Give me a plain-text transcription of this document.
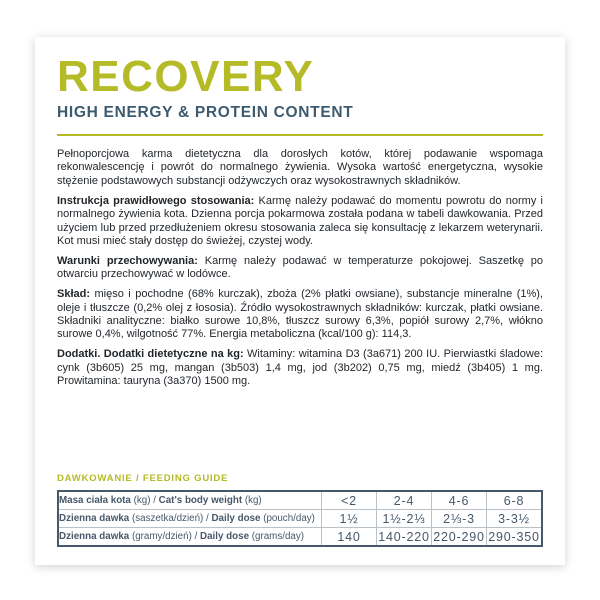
RECOVERY
HIGH ENERGY & PROTEIN CONTENT

Pełnoporcjowa karma dietetyczna dla dorosłych kotów, której podawanie wspomaga rekonwalescencję i powrót do normalnego żywienia. Wysoka wartość energetyczna, wysokie stężenie podstawowych substancji odżywczych oraz wysokostrawnych składników.

Instrukcja prawidłowego stosowania: Karmę należy podawać do momentu powrotu do normy i normalnego żywienia kota. Dzienna porcja pokarmowa została podana w tabeli dawkowania. Przed użyciem lub przed przedłużeniem okresu stosowania zaleca się konsultację z lekarzem weterynarii. Kot musi mieć stały dostęp do świeżej, czystej wody.

Warunki przechowywania: Karmę należy podawać w temperaturze pokojowej. Saszetkę po otwarciu przechowywać w lodówce.

Skład: mięso i pochodne (68% kurczak), zboża (2% płatki owsiane), substancje mineralne (1%), oleje i tłuszcze (0,2% olej z łososia). Źródło wysokostrawnych składników: kurczak, płatki owsiane. Składniki analityczne: białko surowe 10,8%, tłuszcz surowy 6,3%, popiół surowy 2,7%, włókno surowe 0,4%, wilgotność 77%. Energia metaboliczna (kcal/100 g): 114,3.

Dodatki. Dodatki dietetyczne na kg: Witaminy: witamina D3 (3a671) 200 IU. Pierwiastki śladowe: cynk (3b605) 25 mg, mangan (3b503) 1,4 mg, jod (3b202) 0,75 mg, miedź (3b405) 1 mg. Prowitamina: tauryna (3a370) 1500 mg.

DAWKOWANIE / FEEDING GUIDE
Masa ciała kota (kg) / Cat's body weight (kg)	<2	2-4	4-6	6-8
Dzienna dawka (saszetka/dzień) / Daily dose (pouch/day)	1½	1½-2⅓	2⅓-3	3-3½
Dzienna dawka (gramy/dzień) / Daily dose (grams/day)	140	140-220	220-290	290-350
